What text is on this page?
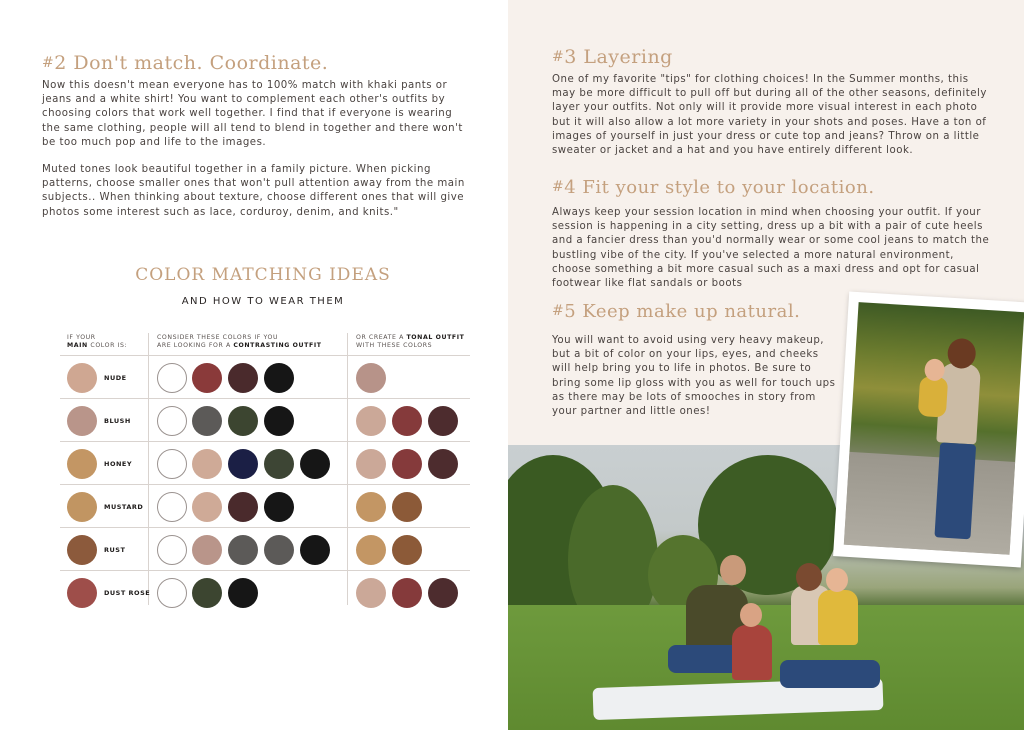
#2 Don't match. Coordinate.

Now this doesn't mean everyone has to 100% match with khaki pants or jeans and a white shirt! You want to complement each other's outfits by choosing colors that work well together. I find that if everyone is wearing the same clothing, people will all tend to blend in together and there won't be too much pop and life to the images.

Muted tones look beautiful together in a family picture. When picking patterns, choose smaller ones that won't pull attention away from the main subjects.. When thinking about texture, choose different ones that will give photos some interest such as lace, corduroy, denim, and knits."

COLOR MATCHING IDEAS
AND HOW TO WEAR THEM
IF YOUR
MAIN COLOR IS:
CONSIDER THESE COLORS IF YOU
ARE LOOKING FOR A CONTRASTING OUTFIT
OR CREATE A TONAL OUTFIT
WITH THESE COLORS
NUDE
BLUSH
HONEY
MUSTARD
RUST
DUST ROSE
#3 Layering

One of my favorite "tips" for clothing choices! In the Summer months, this may be more difficult to pull off but during all of the other seasons, definitely layer your outfits. Not only will it provide more visual interest in each photo but it will also allow a lot more variety in your shots and poses. Have a ton of images of yourself in just your dress or cute top and jeans? Throw on a little sweater or jacket and a hat and you have entirely different look.

#4 Fit your style to your location.

Always keep your session location in mind when choosing your outfit. If your session is happening in a city setting, dress up a bit with a pair of cute heels and a fancier dress than you'd normally wear or some cool jeans to match the bustling vibe of the city. If you've selected a more natural environment, choose something a bit more casual such as a maxi dress and opt for casual footwear like flat sandals or boots

#5 Keep make up natural.

You will want to avoid using very heavy makeup, but a bit of color on your lips, eyes, and cheeks will help bring you to life in photos. Be sure to bring some lip gloss with you as well for touch ups as there may be lots of smooches in story from your partner and little ones!
